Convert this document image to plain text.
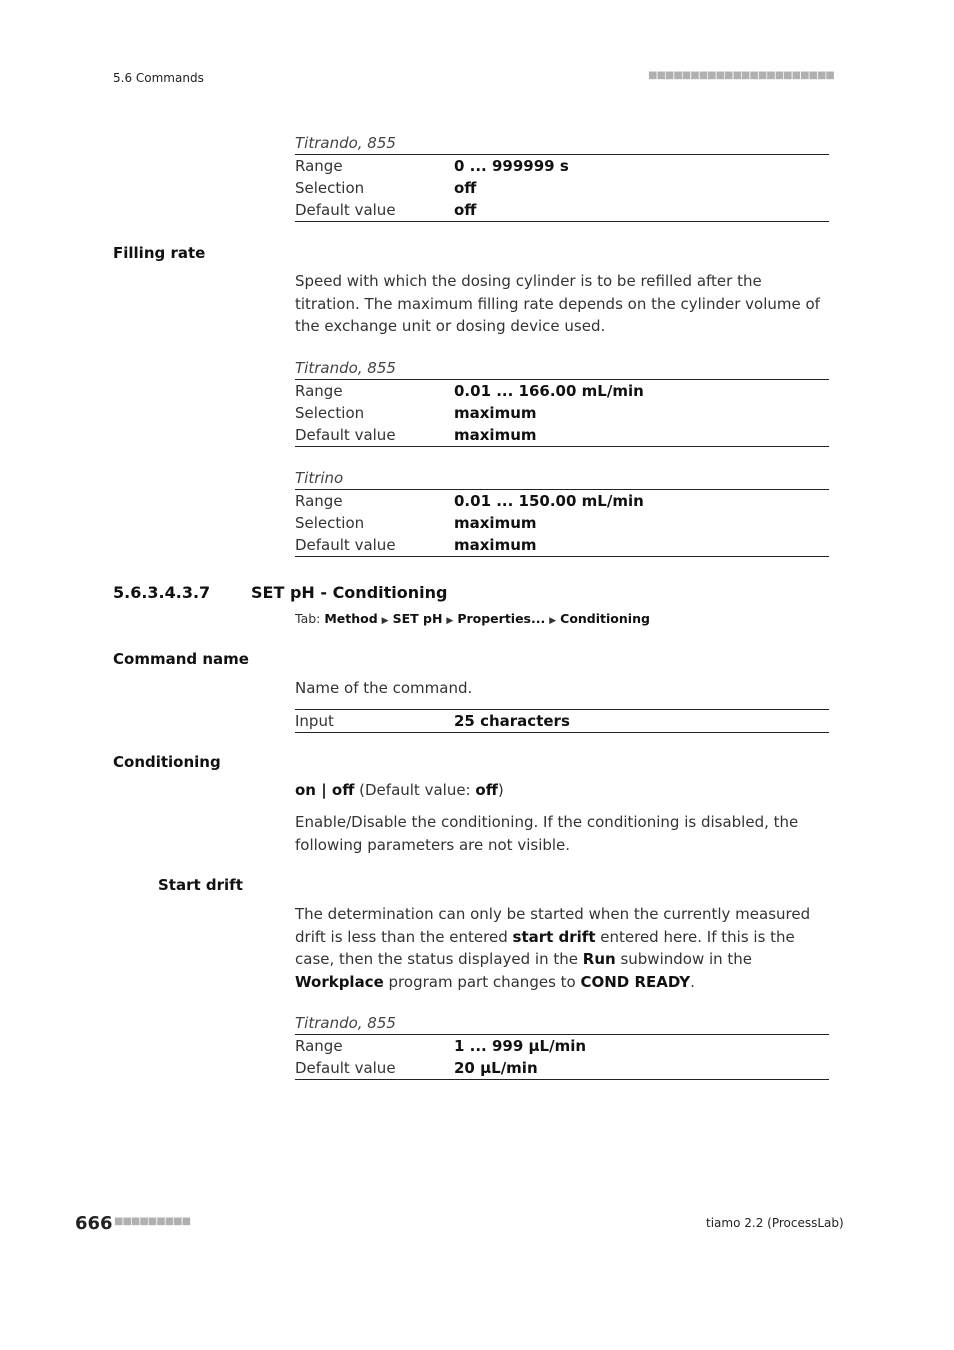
5.6 Commands	■■■■■■■■■■■■■■■■■■■■■■
Titrando, 855
Range	0 ... 999999 s
Selection	off
Default value	off
Filling rate
Speed with which the dosing cylinder is to be refilled after the titration. The maximum filling rate depends on the cylinder volume of the exchange unit or dosing device used.
Titrando, 855
Range	0.01 ... 166.00 mL/min
Selection	maximum
Default value	maximum
Titrino
Range	0.01 ... 150.00 mL/min
Selection	maximum
Default value	maximum
5.6.3.4.3.7	SET pH - Conditioning
Tab: Method ▶ SET pH ▶ Properties... ▶ Conditioning
Command name
Name of the command.
Input	25 characters
Conditioning
on | off (Default value: off)
Enable/Disable the conditioning. If the conditioning is disabled, the following parameters are not visible.
Start drift
The determination can only be started when the currently measured drift is less than the entered start drift entered here. If this is the case, then the status displayed in the Run subwindow in the Workplace program part changes to COND READY.
Titrando, 855
Range	1 ... 999 µL/min
Default value	20 µL/min
666 ■■■■■■■■■	tiamo 2.2 (ProcessLab)
